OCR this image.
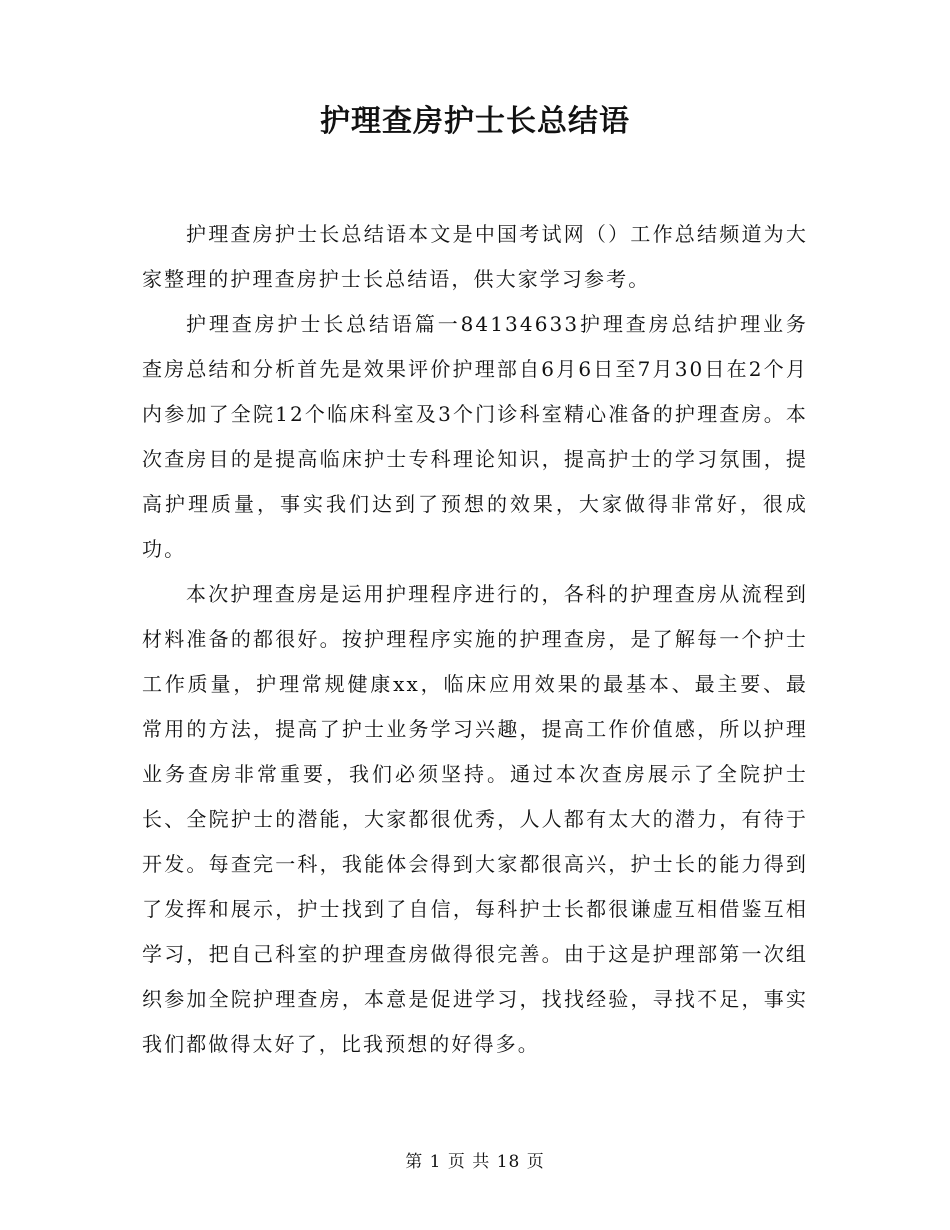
护理查房护士长总结语

护理查房护士长总结语本文是中国考试网（）工作总结频道为大家整理的护理查房护士长总结语，供大家学习参考。

护理查房护士长总结语篇一84134633护理查房总结护理业务查房总结和分析首先是效果评价护理部自6月6日至7月30日在2个月内参加了全院12个临床科室及3个门诊科室精心准备的护理查房。本次查房目的是提高临床护士专科理论知识，提高护士的学习氛围，提高护理质量，事实我们达到了预想的效果，大家做得非常好，很成功。

本次护理查房是运用护理程序进行的，各科的护理查房从流程到材料准备的都很好。按护理程序实施的护理查房，是了解每一个护士工作质量，护理常规健康xx，临床应用效果的最基本、最主要、最常用的方法，提高了护士业务学习兴趣，提高工作价值感，所以护理业务查房非常重要，我们必须坚持。通过本次查房展示了全院护士长、全院护士的潜能，大家都很优秀，人人都有太大的潜力，有待于开发。每查完一科，我能体会得到大家都很高兴，护士长的能力得到了发挥和展示，护士找到了自信，每科护士长都很谦虚互相借鉴互相学习，把自己科室的护理查房做得很完善。由于这是护理部第一次组织参加全院护理查房，本意是促进学习，找找经验，寻找不足，事实我们都做得太好了，比我预想的好得多。

第 1 页 共 18 页
